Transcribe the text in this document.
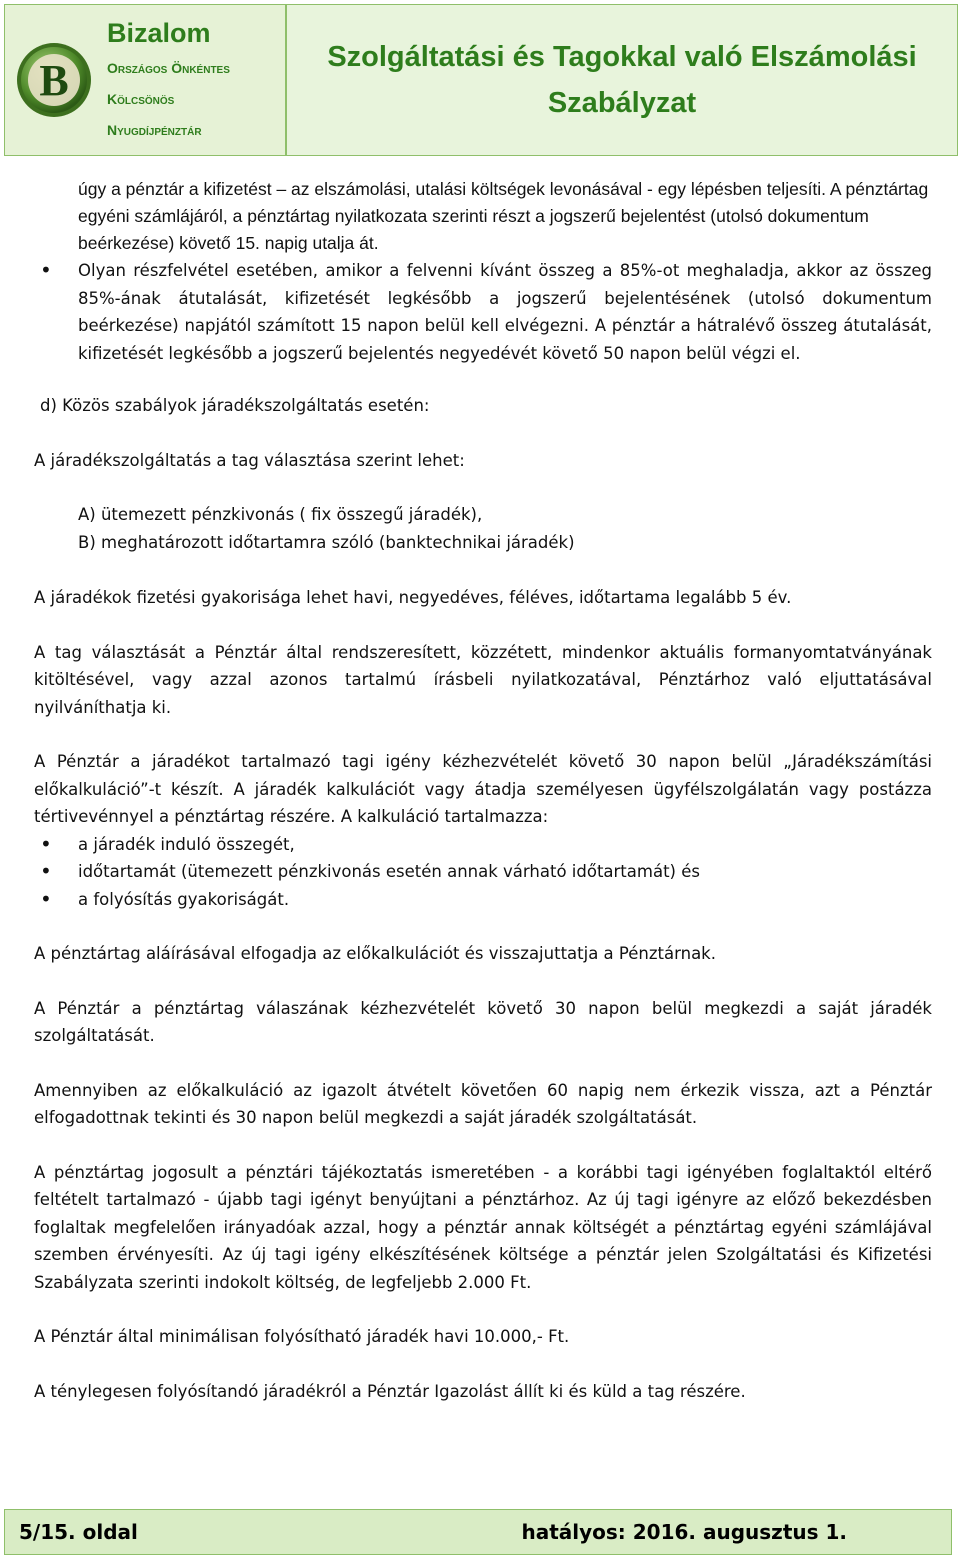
B
Bizalom
Országos Önkéntes
Kölcsönös
Nyugdíjpénztár
Szolgáltatási és Tagokkal való Elszámolási
Szabályzat

úgy a pénztár a kifizetést – az elszámolási, utalási költségek levonásával - egy lépésben teljesíti. A pénztártag egyéni számlájáról, a pénztártag nyilatkozata szerinti részt a jogszerű bejelentést (utolsó dokumentum beérkezése) követő 15. napig utalja át.

• Olyan részfelvétel esetében, amikor a felvenni kívánt összeg a 85%-ot meghaladja, akkor az összeg 85%-ának átutalását, kifizetését legkésőbb a jogszerű bejelentésének (utolsó dokumentum beérkezése) napjától számított 15 napon belül kell elvégezni. A pénztár a hátralévő összeg átutalását, kifizetését legkésőbb a jogszerű bejelentés negyedévét követő 50 napon belül végzi el.

d) Közös szabályok járadékszolgáltatás esetén:

A járadékszolgáltatás a tag választása szerint lehet:

A) ütemezett pénzkivonás ( fix összegű járadék),

B) meghatározott időtartamra szóló (banktechnikai járadék)

A járadékok fizetési gyakorisága lehet havi, negyedéves, féléves, időtartama legalább 5 év.

A tag választását a Pénztár által rendszeresített, közzétett, mindenkor aktuális formanyomtatványának kitöltésével, vagy azzal azonos tartalmú írásbeli nyilatkozatával, Pénztárhoz való eljuttatásával nyilváníthatja ki.

A Pénztár a járadékot tartalmazó tagi igény kézhezvételét követő 30 napon belül „Járadékszámítási előkalkuláció”-t készít. A járadék kalkulációt vagy átadja személyesen ügyfélszolgálatán vagy postázza tértivevénnyel a pénztártag részére. A kalkuláció tartalmazza:

• a járadék induló összegét,

• időtartamát (ütemezett pénzkivonás esetén annak várható időtartamát) és

• a folyósítás gyakoriságát.

A pénztártag aláírásával elfogadja az előkalkulációt és visszajuttatja a Pénztárnak.

A Pénztár a pénztártag válaszának kézhezvételét követő 30 napon belül megkezdi a saját járadék szolgáltatását.

Amennyiben az előkalkuláció az igazolt átvételt követően 60 napig nem érkezik vissza, azt a Pénztár elfogadottnak tekinti és 30 napon belül megkezdi a saját járadék szolgáltatását.

A pénztártag jogosult a pénztári tájékoztatás ismeretében - a korábbi tagi igényében foglaltaktól eltérő feltételt tartalmazó - újabb tagi igényt benyújtani a pénztárhoz. Az új tagi igényre az előző bekezdésben foglaltak megfelelően irányadóak azzal, hogy a pénztár annak költségét a pénztártag egyéni számlájával szemben érvényesíti. Az új tagi igény elkészítésének költsége a pénztár jelen Szolgáltatási és Kifizetési Szabályzata szerinti indokolt költség, de legfeljebb 2.000 Ft.

A Pénztár által minimálisan folyósítható járadék havi 10.000,- Ft.

A ténylegesen folyósítandó járadékról a Pénztár Igazolást állít ki és küld a tag részére.

5/15. oldal	hatályos: 2016. augusztus 1.
